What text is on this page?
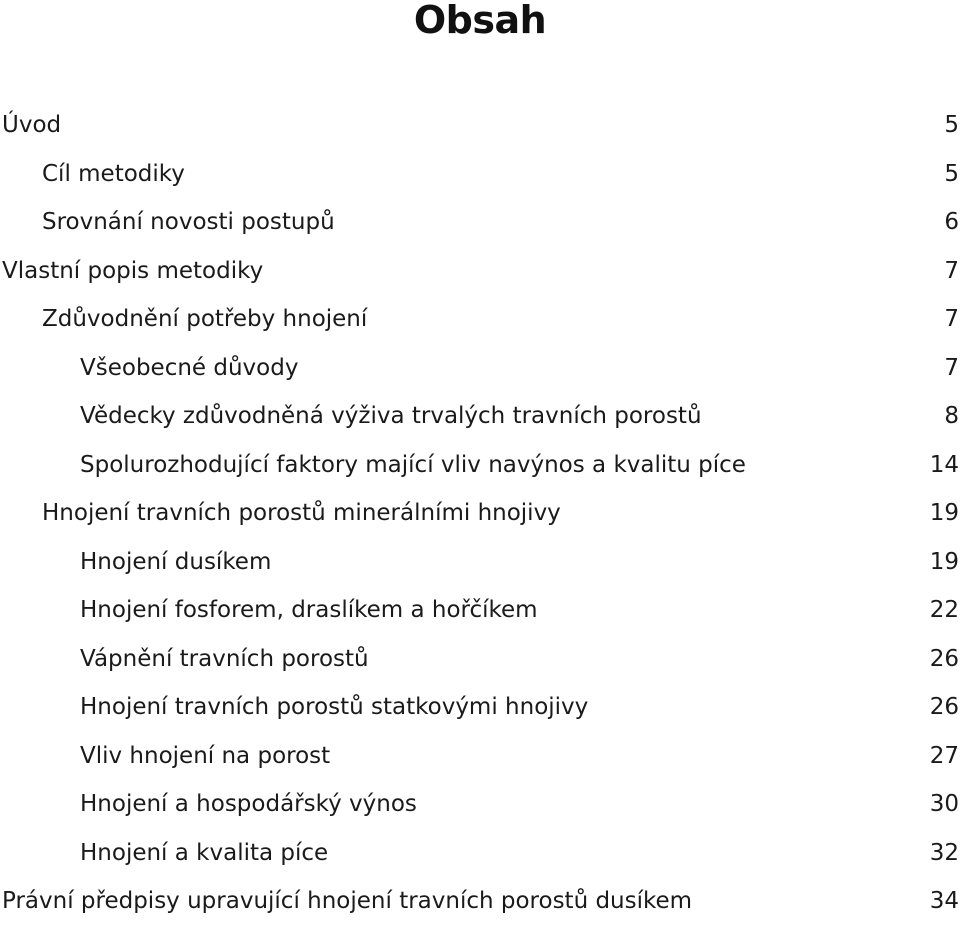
Obsah
Úvod	5
Cíl metodiky	5
Srovnání novosti postupů	6
Vlastní popis metodiky	7
Zdůvodnění potřeby hnojení	7
Všeobecné důvody	7
Vědecky zdůvodněná výživa trvalých travních porostů	8
Spolurozhodující faktory mající vliv navýnos a kvalitu píce	14
Hnojení travních porostů minerálními hnojivy	19
Hnojení dusíkem	19
Hnojení fosforem, draslíkem a hořčíkem	22
Vápnění travních porostů	26
Hnojení travních porostů statkovými hnojivy	26
Vliv hnojení na porost	27
Hnojení a hospodářský výnos	30
Hnojení a kvalita píce	32
Právní předpisy upravující hnojení travních porostů dusíkem	34
